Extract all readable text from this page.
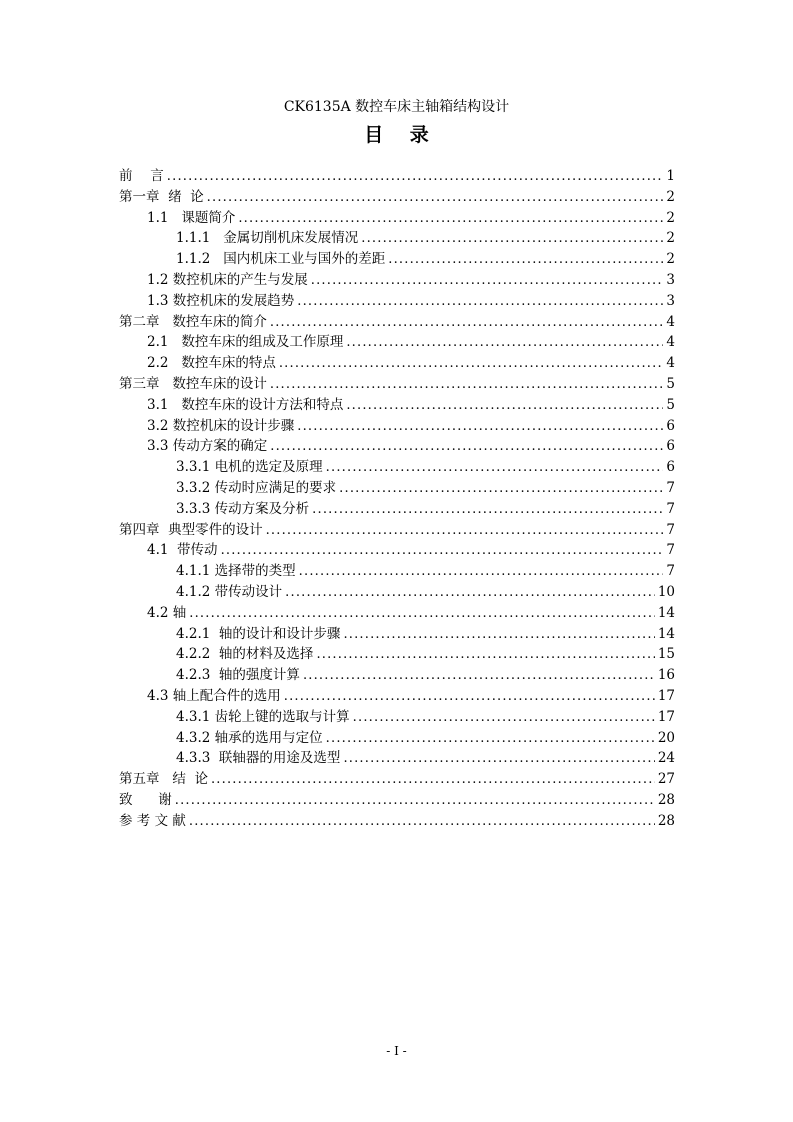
CK6135A 数控车床主轴箱结构设计
目    录
前　 言 .....	1
第一章  绪  论 .....	2
1.1   课题简介 .....	2
1.1.1   金属切削机床发展情况 .....	2
1.1.2   国内机床工业与国外的差距 .....	2
1.2 数控机床的产生与发展 .....	3
1.3 数控机床的发展趋势 .....	3
第二章   数控车床的简介 .....	4
2.1   数控车床的组成及工作原理 .....	4
2.2   数控车床的特点 .....	4
第三章   数控车床的设计 .....	5
3.1   数控车床的设计方法和特点 .....	5
3.2 数控机床的设计步骤 .....	6
3.3 传动方案的确定 .....	6
3.3.1 电机的选定及原理 .....	6
3.3.2 传动时应满足的要求 .....	7
3.3.3 传动方案及分析 .....	7
第四章  典型零件的设计 .....	7
4.1  带传动 .....	7
4.1.1 选择带的类型 .....	7
4.1.2 带传动设计 .....	10
4.2 轴 .....	14
4.2.1  轴的设计和设计步骤 .....	14
4.2.2  轴的材料及选择 .....	15
4.2.3  轴的强度计算 .....	16
4.3 轴上配合件的选用 .....	17
4.3.1 齿轮上键的选取与计算 .....	17
4.3.2 轴承的选用与定位 .....	20
4.3.3  联轴器的用途及选型 .....	24
第五章   结  论 .....	27
致      谢 .....	28
参 考 文 献 .....	28
- I -
